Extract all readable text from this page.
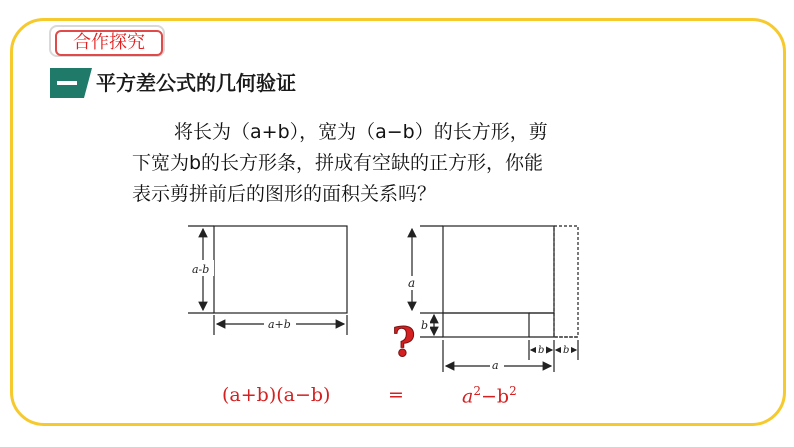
合作探究
平方差公式的几何验证
将长为（a+b），宽为（a−b）的长方形，剪
下宽为b的长方形条，拼成有空缺的正方形，你能
表示剪拼前后的图形的面积关系吗？
a-b
a+b
a
b
a
b b
?
(a+b)(a−b)	=	$a^2-b^2$
